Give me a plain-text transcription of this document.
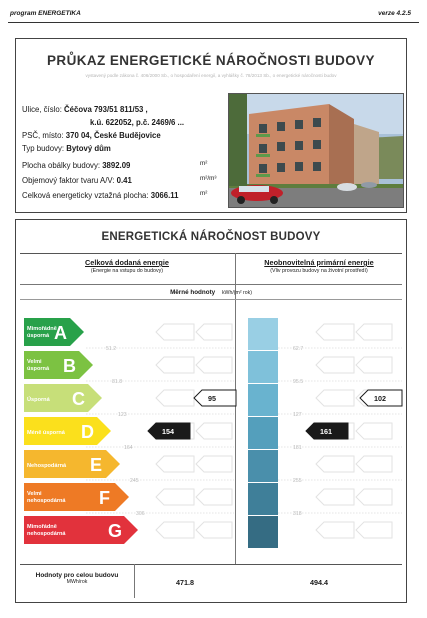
program ENERGETIKA	verze 4.2.5
PRŮKAZ ENERGETICKÉ NÁROČNOSTI BUDOVY
vystavený podle zákona č. 406/2000 Sb., o hospodaření energií, a vyhlášky č. 78/2013 Sb., o energetické náročnosti budov
Ulice, číslo: Čéčova 793/51 811/53 ,
k.ú. 622052, p.č. 2469/6 ...
PSČ, místo: 370 04, České Budějovice
Typ budovy: Bytový dům
Plocha obálky budovy: 3892.09	m²
Objemový faktor tvaru A/V: 0.41	m²/m³
Celková energeticky vztažná plocha: 3066.11	m²
ENERGETICKÁ NÁROČNOST BUDOVY
Celková dodaná energie
(Energie na vstupu do budovy)
Neobnovitelná primární energie
(Vliv provozu budovy na životní prostředí)
Měrné hodnoty kWh/(m² rok)
Mimořádně
úsporná A
Velmi
úsporná B
Úsporná C
Méně úsporná D
Nehospodárná E
Velmi
nehospodárná F
Mimořádně
nehospodárná G
51.2
81.8
123
164
245
306
62.7
95.5
127
181
255
318
95
154
102
161
Hodnoty pro celou budovu
MWh/rok	471.8	494.4
